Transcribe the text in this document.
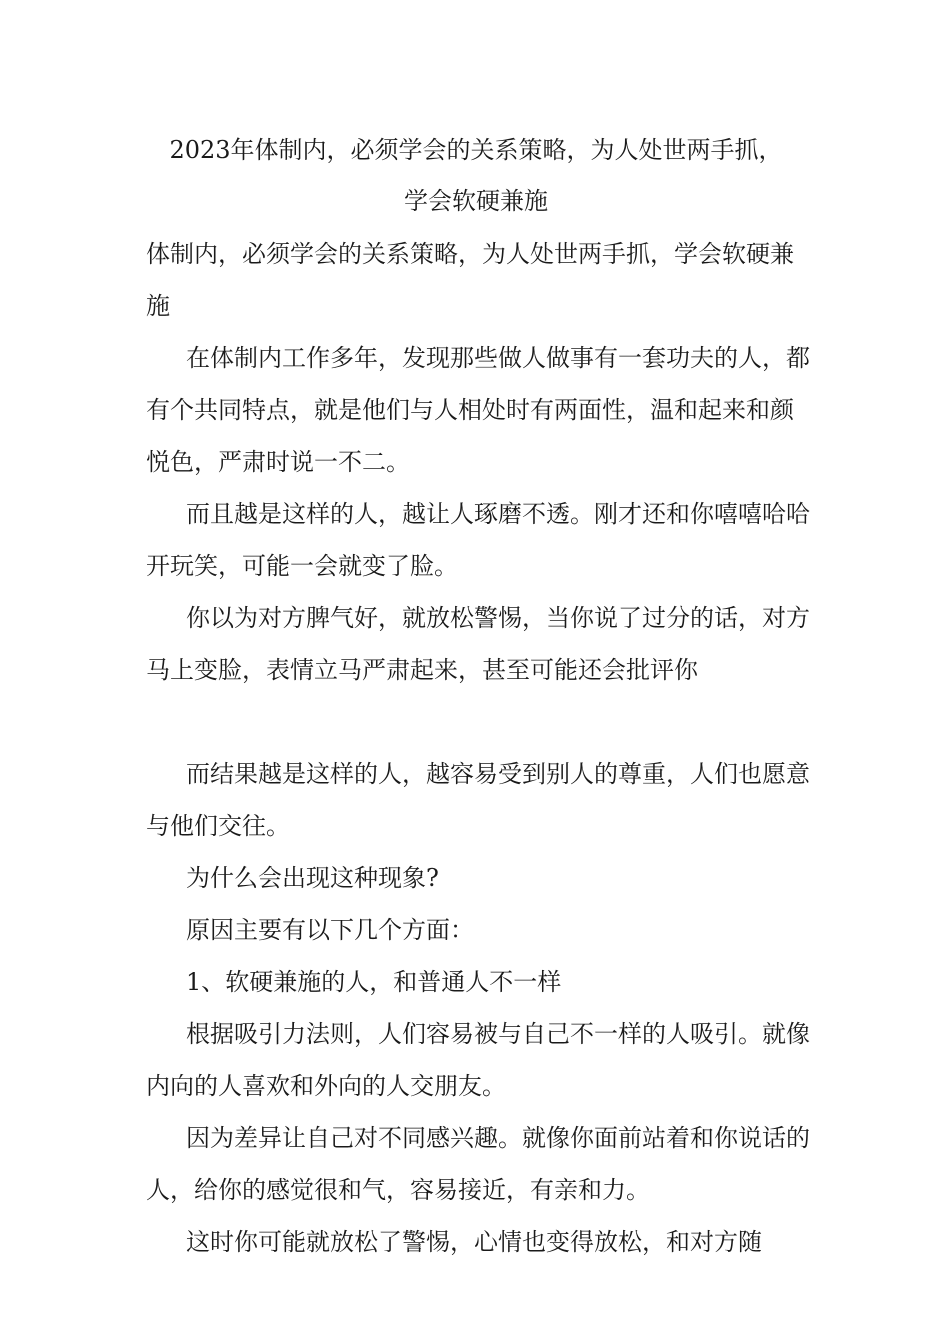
2023年体制内，必须学会的关系策略，为人处世两手抓，
学会软硬兼施

体制内，必须学会的关系策略，为人处世两手抓，学会软硬兼施

在体制内工作多年，发现那些做人做事有一套功夫的人，都有个共同特点，就是他们与人相处时有两面性，温和起来和颜悦色，严肃时说一不二。

而且越是这样的人，越让人琢磨不透。刚才还和你嘻嘻哈哈开玩笑，可能一会就变了脸。

你以为对方脾气好，就放松警惕，当你说了过分的话，对方马上变脸，表情立马严肃起来，甚至可能还会批评你

而结果越是这样的人，越容易受到别人的尊重，人们也愿意与他们交往。

为什么会出现这种现象?

原因主要有以下几个方面：

1、软硬兼施的人，和普通人不一样

根据吸引力法则，人们容易被与自己不一样的人吸引。就像内向的人喜欢和外向的人交朋友。

因为差异让自己对不同感兴趣。就像你面前站着和你说话的人，给你的感觉很和气，容易接近，有亲和力。

这时你可能就放松了警惕，心情也变得放松，和对方随
